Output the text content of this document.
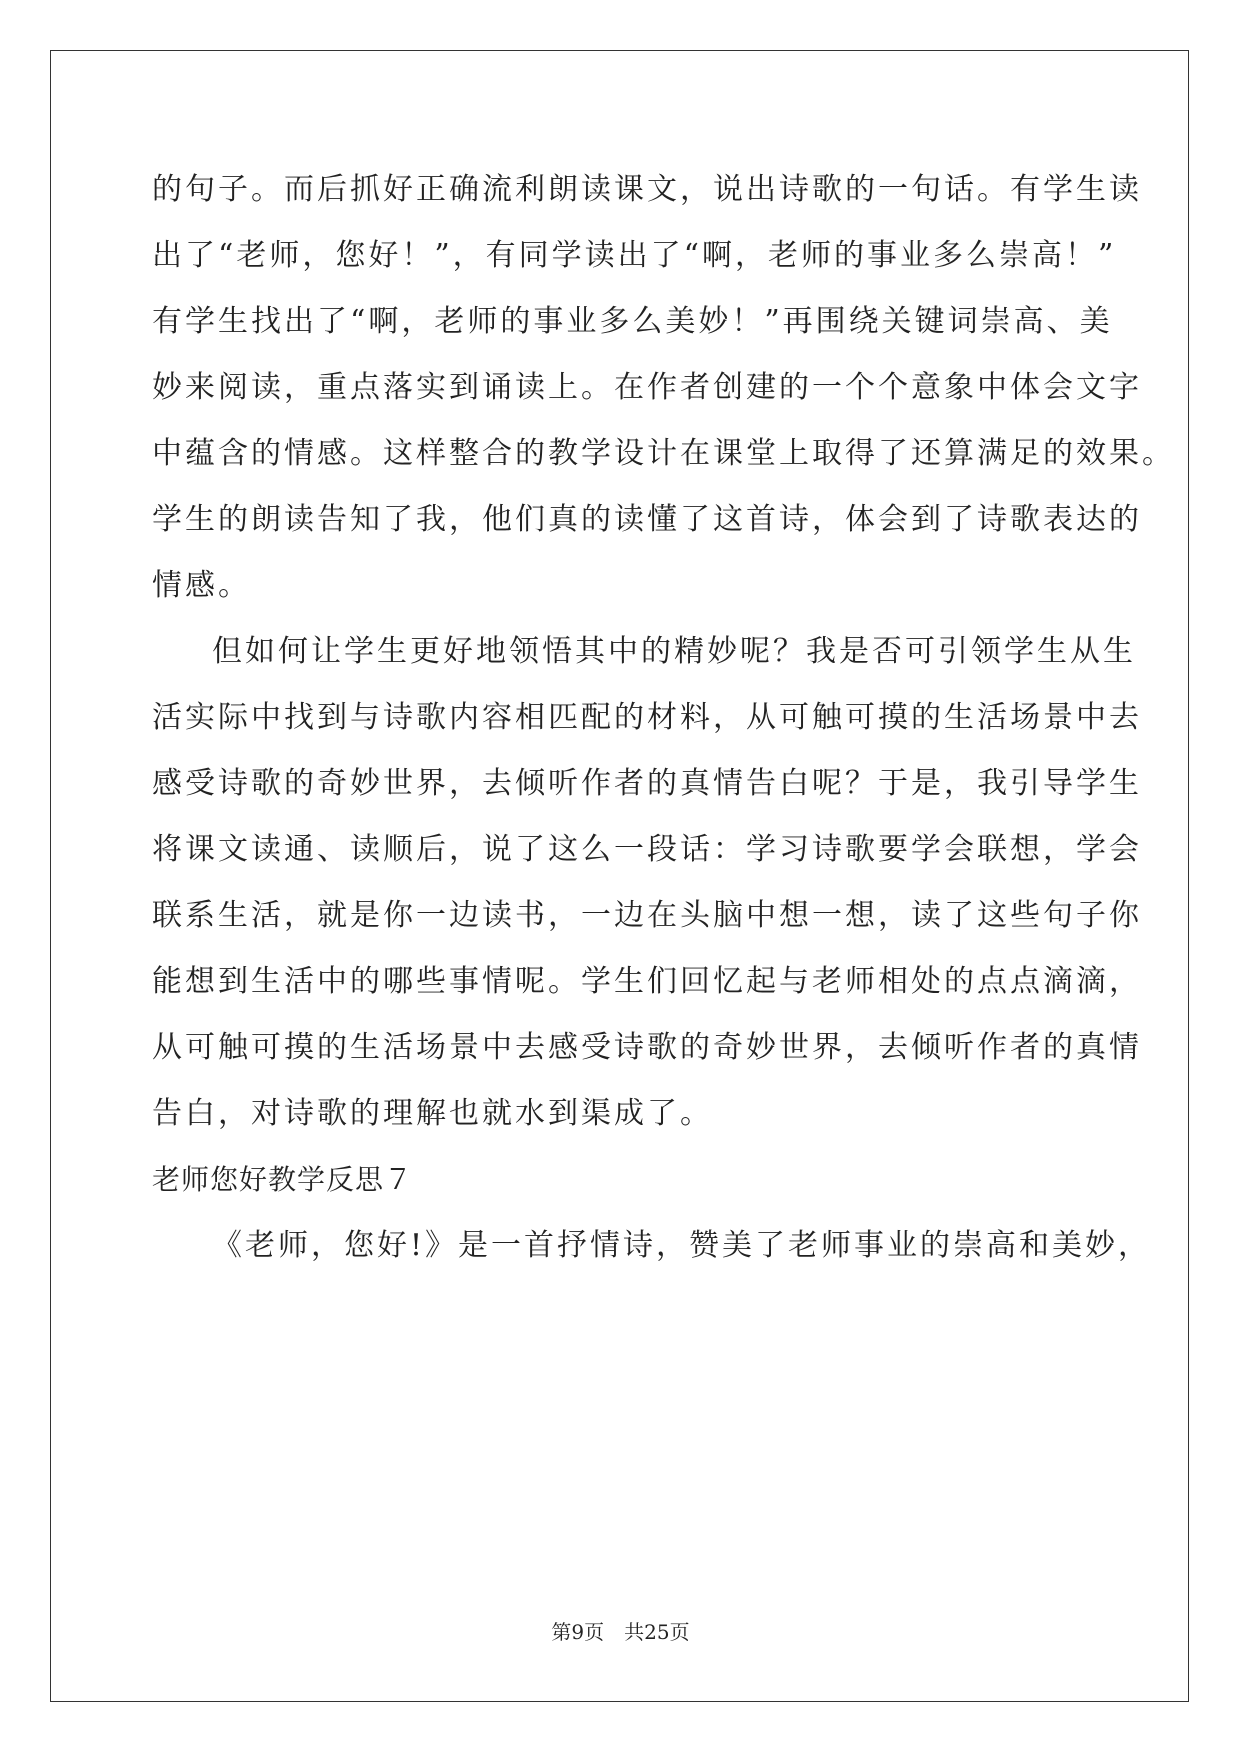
的句子。而后抓好正确流利朗读课文，说出诗歌的一句话。有学生读
出了“老师，您好！”，有同学读出了“啊，老师的事业多么崇高！”
有学生找出了“啊，老师的事业多么美妙！”再围绕关键词崇高、美
妙来阅读，重点落实到诵读上。在作者创建的一个个意象中体会文字
中蕴含的情感。这样整合的教学设计在课堂上取得了还算满足的效果。
学生的朗读告知了我，他们真的读懂了这首诗，体会到了诗歌表达的
情感。
但如何让学生更好地领悟其中的精妙呢？我是否可引领学生从生
活实际中找到与诗歌内容相匹配的材料，从可触可摸的生活场景中去
感受诗歌的奇妙世界，去倾听作者的真情告白呢？于是，我引导学生
将课文读通、读顺后，说了这么一段话：学习诗歌要学会联想，学会
联系生活，就是你一边读书，一边在头脑中想一想，读了这些句子你
能想到生活中的哪些事情呢。学生们回忆起与老师相处的点点滴滴，
从可触可摸的生活场景中去感受诗歌的奇妙世界，去倾听作者的真情
告白，对诗歌的理解也就水到渠成了。
老师您好教学反思７
《老师，您好!》是一首抒情诗，赞美了老师事业的崇高和美妙，
第9页　共25页
